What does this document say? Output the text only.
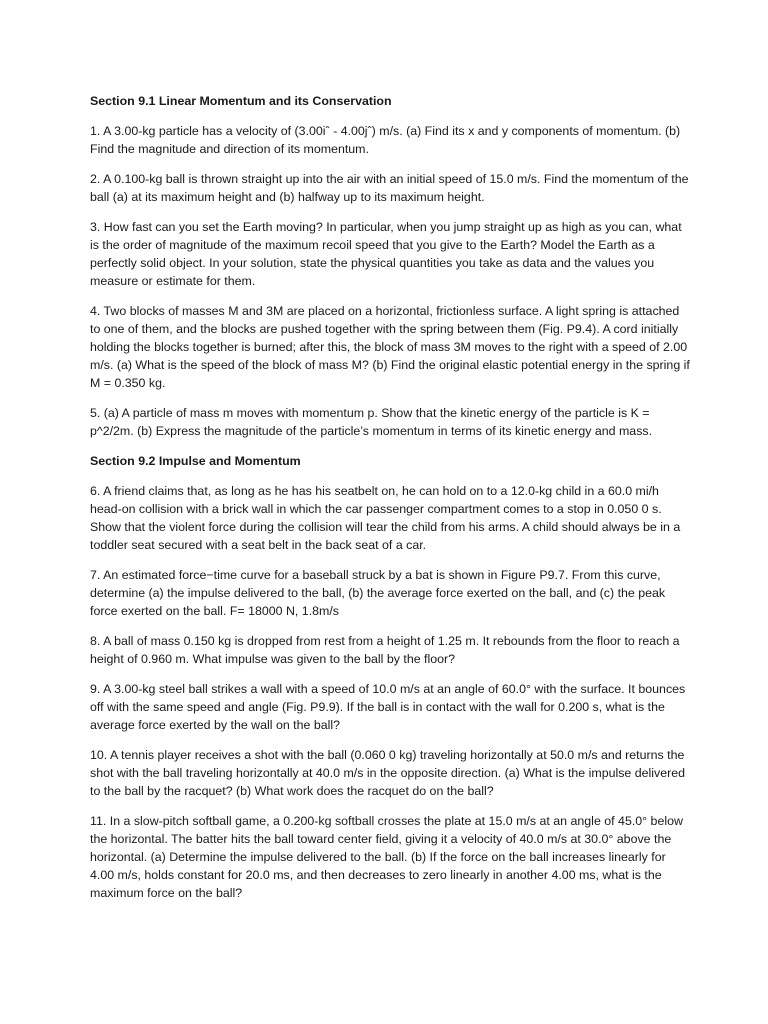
Section 9.1 Linear Momentum and its Conservation
1. A 3.00-kg particle has a velocity of (3.00iˆ - 4.00jˆ) m/s. (a) Find its x and y components of momentum. (b) Find the magnitude and direction of its momentum.
2. A 0.100-kg ball is thrown straight up into the air with an initial speed of 15.0 m/s. Find the momentum of the ball (a) at its maximum height and (b) halfway up to its maximum height.
3. How fast can you set the Earth moving? In particular, when you jump straight up as high as you can, what is the order of magnitude of the maximum recoil speed that you give to the Earth? Model the Earth as a perfectly solid object. In your solution, state the physical quantities you take as data and the values you measure or estimate for them.
4. Two blocks of masses M and 3M are placed on a horizontal, frictionless surface. A light spring is attached to one of them, and the blocks are pushed together with the spring between them (Fig. P9.4). A cord initially holding the blocks together is burned; after this, the block of mass 3M moves to the right with a speed of 2.00 m/s. (a) What is the speed of the block of mass M? (b) Find the original elastic potential energy in the spring if M = 0.350 kg.
5. (a) A particle of mass m moves with momentum p. Show that the kinetic energy of the particle is K = p^2/2m. (b) Express the magnitude of the particle’s momentum in terms of its kinetic energy and mass.
Section 9.2 Impulse and Momentum
6. A friend claims that, as long as he has his seatbelt on, he can hold on to a 12.0-kg child in a 60.0 mi/h head-on collision with a brick wall in which the car passenger compartment comes to a stop in 0.050 0 s. Show that the violent force during the collision will tear the child from his arms. A child should always be in a toddler seat secured with a seat belt in the back seat of a car.
7. An estimated force−time curve for a baseball struck by a bat is shown in Figure P9.7. From this curve, determine (a) the impulse delivered to the ball, (b) the average force exerted on the ball, and (c) the peak force exerted on the ball. F= 18000 N, 1.8m/s
8. A ball of mass 0.150 kg is dropped from rest from a height of 1.25 m. It rebounds from the floor to reach a height of 0.960 m. What impulse was given to the ball by the floor?
9. A 3.00-kg steel ball strikes a wall with a speed of 10.0 m/s at an angle of 60.0° with the surface. It bounces off with the same speed and angle (Fig. P9.9). If the ball is in contact with the wall for 0.200 s, what is the average force exerted by the wall on the ball?
10. A tennis player receives a shot with the ball (0.060 0 kg) traveling horizontally at 50.0 m/s and returns the shot with the ball traveling horizontally at 40.0 m/s in the opposite direction. (a) What is the impulse delivered to the ball by the racquet? (b) What work does the racquet do on the ball?
11. In a slow-pitch softball game, a 0.200-kg softball crosses the plate at 15.0 m/s at an angle of 45.0° below the horizontal. The batter hits the ball toward center field, giving it a velocity of 40.0 m/s at 30.0° above the horizontal. (a) Determine the impulse delivered to the ball. (b) If the force on the ball increases linearly for 4.00 m/s, holds constant for 20.0 ms, and then decreases to zero linearly in another 4.00 ms, what is the maximum force on the ball?
